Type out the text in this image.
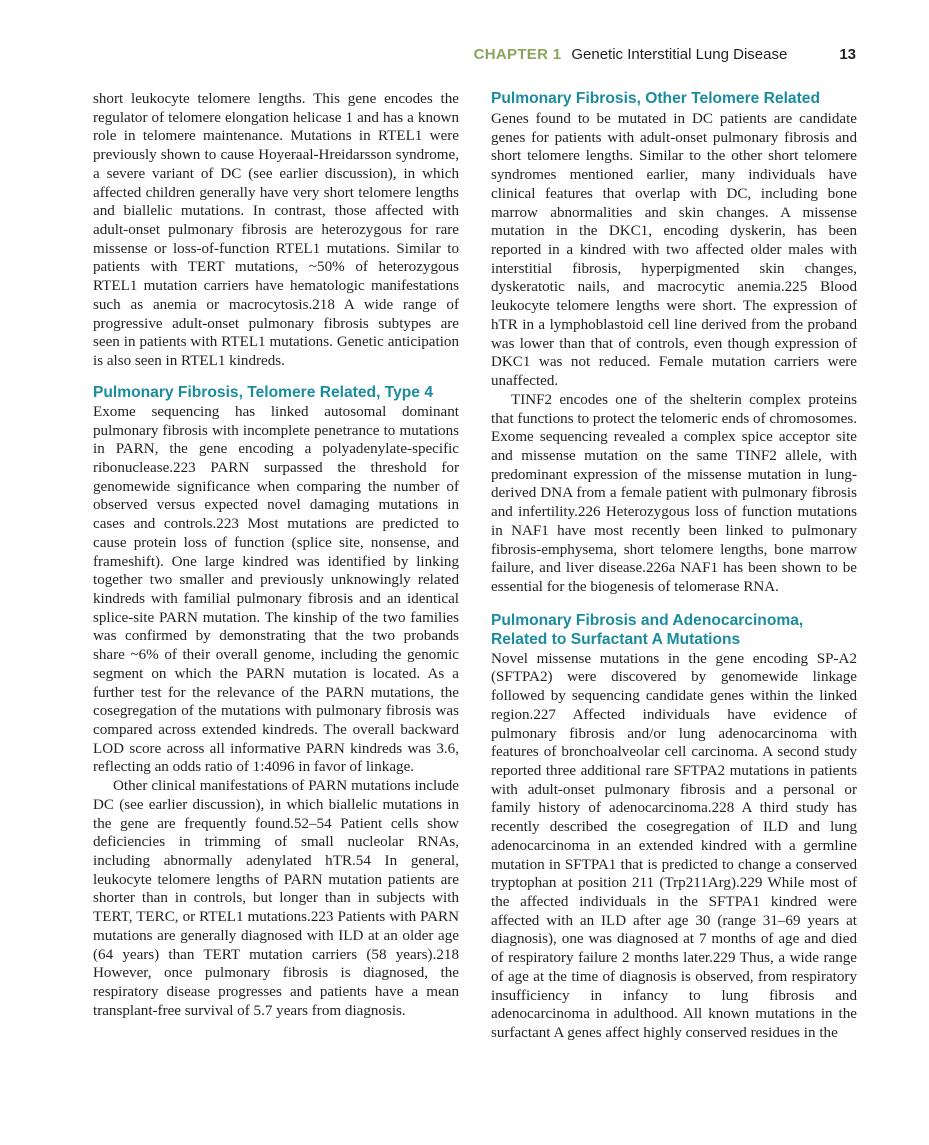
CHAPTER 1 Genetic Interstitial Lung Disease	13

short leukocyte telomere lengths. This gene encodes the regulator of telomere elongation helicase 1 and has a known role in telomere maintenance. Mutations in RTEL1 were previously shown to cause Hoyeraal-Hreidarsson syndrome, a severe variant of DC (see earlier discussion), in which affected children generally have very short telomere lengths and biallelic mutations. In contrast, those affected with adult-onset pulmonary fibrosis are heterozygous for rare missense or loss-of-function RTEL1 mutations. Similar to patients with TERT mutations, ~50% of heterozygous RTEL1 mutation carriers have hematologic manifestations such as anemia or macrocytosis.218 A wide range of progressive adult-onset pulmonary fibrosis subtypes are seen in patients with RTEL1 mutations. Genetic anticipation is also seen in RTEL1 kindreds.

Pulmonary Fibrosis, Telomere Related, Type 4

Exome sequencing has linked autosomal dominant pulmonary fibrosis with incomplete penetrance to mutations in PARN, the gene encoding a polyadenylate-specific ribonuclease.223 PARN surpassed the threshold for genomewide significance when comparing the number of observed versus expected novel damaging mutations in cases and controls.223 Most mutations are predicted to cause protein loss of function (splice site, nonsense, and frameshift). One large kindred was identified by linking together two smaller and previously unknowingly related kindreds with familial pulmonary fibrosis and an identical splice-site PARN mutation. The kinship of the two families was confirmed by demonstrating that the two probands share ~6% of their overall genome, including the genomic segment on which the PARN mutation is located. As a further test for the relevance of the PARN mutations, the cosegregation of the mutations with pulmonary fibrosis was compared across extended kindreds. The overall backward LOD score across all informative PARN kindreds was 3.6, reflecting an odds ratio of 1:4096 in favor of linkage.

Other clinical manifestations of PARN mutations include DC (see earlier discussion), in which biallelic mutations in the gene are frequently found.52–54 Patient cells show deficiencies in trimming of small nucleolar RNAs, including abnormally adenylated hTR.54 In general, leukocyte telomere lengths of PARN mutation patients are shorter than in controls, but longer than in subjects with TERT, TERC, or RTEL1 mutations.223 Patients with PARN mutations are generally diagnosed with ILD at an older age (64 years) than TERT mutation carriers (58 years).218 However, once pulmonary fibrosis is diagnosed, the respiratory disease progresses and patients have a mean transplant-free survival of 5.7 years from diagnosis.

Pulmonary Fibrosis, Other Telomere Related

Genes found to be mutated in DC patients are candidate genes for patients with adult-onset pulmonary fibrosis and short telomere lengths. Similar to the other short telomere syndromes mentioned earlier, many individuals have clinical features that overlap with DC, including bone marrow abnormalities and skin changes. A missense mutation in the DKC1, encoding dyskerin, has been reported in a kindred with two affected older males with interstitial fibrosis, hyperpigmented skin changes, dyskeratotic nails, and macrocytic anemia.225 Blood leukocyte telomere lengths were short. The expression of hTR in a lymphoblastoid cell line derived from the proband was lower than that of controls, even though expression of DKC1 was not reduced. Female mutation carriers were unaffected.

TINF2 encodes one of the shelterin complex proteins that functions to protect the telomeric ends of chromosomes. Exome sequencing revealed a complex spice acceptor site and missense mutation on the same TINF2 allele, with predominant expression of the missense mutation in lung-derived DNA from a female patient with pulmonary fibrosis and infertility.226 Heterozygous loss of function mutations in NAF1 have most recently been linked to pulmonary fibrosis-emphysema, short telomere lengths, bone marrow failure, and liver disease.226a NAF1 has been shown to be essential for the biogenesis of telomerase RNA.

Pulmonary Fibrosis and Adenocarcinoma, Related to Surfactant A Mutations

Novel missense mutations in the gene encoding SP-A2 (SFTPA2) were discovered by genomewide linkage followed by sequencing candidate genes within the linked region.227 Affected individuals have evidence of pulmonary fibrosis and/or lung adenocarcinoma with features of bronchoalveolar cell carcinoma. A second study reported three additional rare SFTPA2 mutations in patients with adult-onset pulmonary fibrosis and a personal or family history of adenocarcinoma.228 A third study has recently described the cosegregation of ILD and lung adenocarcinoma in an extended kindred with a germline mutation in SFTPA1 that is predicted to change a conserved tryptophan at position 211 (Trp211Arg).229 While most of the affected individuals in the SFTPA1 kindred were affected with an ILD after age 30 (range 31–69 years at diagnosis), one was diagnosed at 7 months of age and died of respiratory failure 2 months later.229 Thus, a wide range of age at the time of diagnosis is observed, from respiratory insufficiency in infancy to lung fibrosis and adenocarcinoma in adulthood. All known mutations in the surfactant A genes affect highly conserved residues in the
